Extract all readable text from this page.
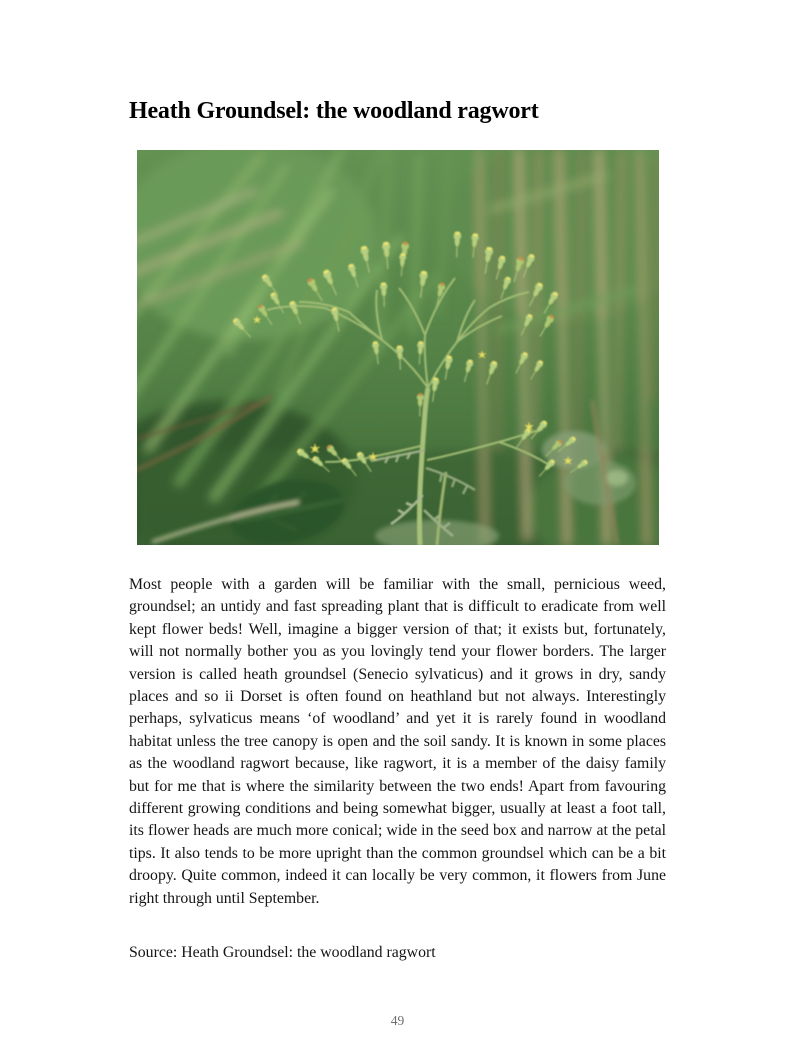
Heath Groundsel: the woodland ragwort

Most people with a garden will be familiar with the small, pernicious weed, groundsel; an untidy and fast spreading plant that is difficult to eradicate from well kept flower beds! Well, imagine a bigger version of that; it exists but, fortunately, will not normally bother you as you lovingly tend your flower borders. The larger version is called heath groundsel (Senecio sylvaticus) and it grows in dry, sandy places and so ii Dorset is often found on heathland but not always. Interestingly perhaps, sylvaticus means ‘of woodland’ and yet it is rarely found in woodland habitat unless the tree canopy is open and the soil sandy. It is known in some places as the woodland ragwort because, like ragwort, it is a member of the daisy family but for me that is where the similarity between the two ends! Apart from favouring different growing conditions and being somewhat bigger, usually at least a foot tall, its flower heads are much more conical; wide in the seed box and narrow at the petal tips. It also tends to be more upright than the common groundsel which can be a bit droopy. Quite common, indeed it can locally be very common, it flowers from June right through until September.

Source: Heath Groundsel: the woodland ragwort

49
